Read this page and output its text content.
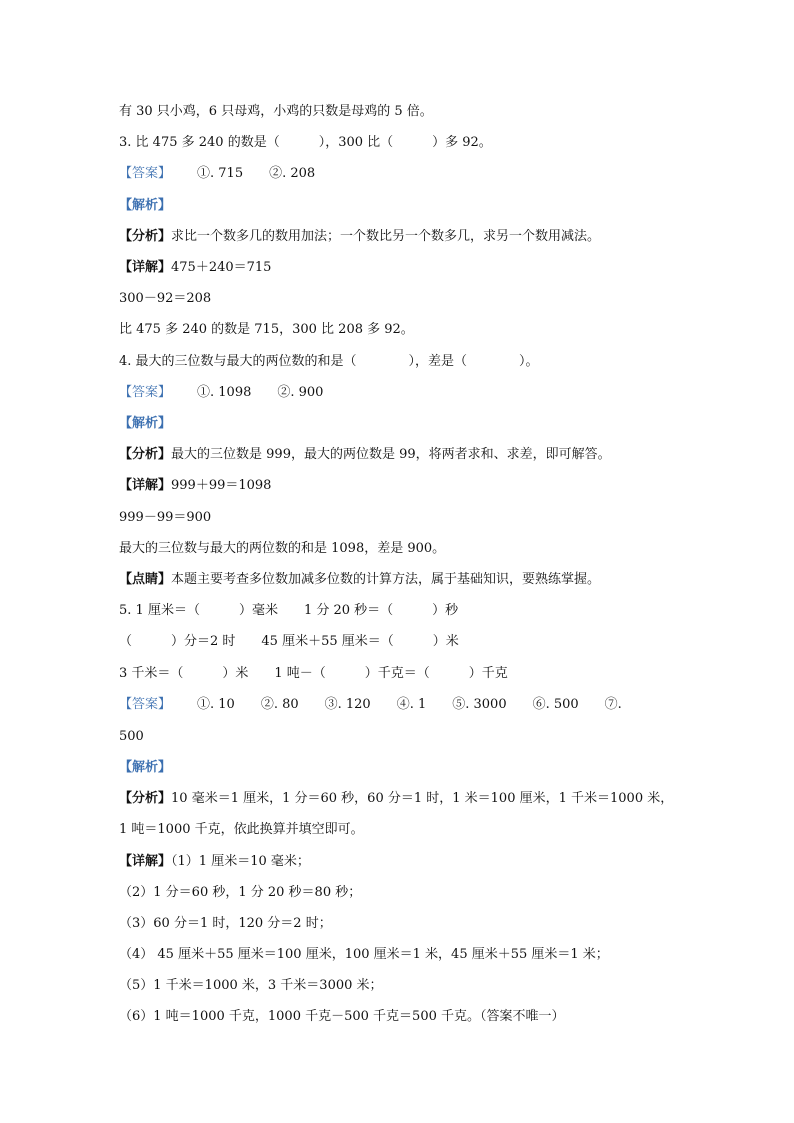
有 30 只小鸡，6 只母鸡，小鸡的只数是母鸡的 5 倍。
3. 比 475 多 240 的数是（　　　），300 比（　　　）多 92。
【答案】　　①. 715　　②. 208
【解析】
【分析】求比一个数多几的数用加法；一个数比另一个数多几，求另一个数用减法。
【详解】475＋240＝715
300－92＝208
比 475 多 240 的数是 715，300 比 208 多 92。
4. 最大的三位数与最大的两位数的和是（　　　　），差是（　　　　）。
【答案】　　①. 1098　　②. 900
【解析】
【分析】最大的三位数是 999，最大的两位数是 99，将两者求和、求差，即可解答。
【详解】999＋99＝1098
999－99＝900
最大的三位数与最大的两位数的和是 1098，差是 900。
【点睛】本题主要考查多位数加减多位数的计算方法，属于基础知识，要熟练掌握。
5. 1 厘米＝（　　　）毫米　　1 分 20 秒＝（　　　）秒
（　　　）分＝2 时　　45 厘米＋55 厘米＝（　　　）米
3 千米＝（　　　）米　　1 吨－（　　　）千克＝（　　　）千克
【答案】　　①. 10　　②. 80　　③. 120　　④. 1　　⑤. 3000　　⑥. 500　　⑦.
500
【解析】
【分析】10 毫米＝1 厘米，1 分＝60 秒，60 分＝1 时，1 米＝100 厘米，1 千米＝1000 米，
1 吨＝1000 千克，依此换算并填空即可。
【详解】（1）1 厘米＝10 毫米；
（2）1 分＝60 秒，1 分 20 秒＝80 秒；
（3）60 分＝1 时，120 分＝2 时；
（4） 45 厘米＋55 厘米＝100 厘米，100 厘米＝1 米，45 厘米＋55 厘米＝1 米；
（5）1 千米＝1000 米，3 千米＝3000 米；
（6）1 吨＝1000 千克，1000 千克－500 千克＝500 千克。（答案不唯一）
